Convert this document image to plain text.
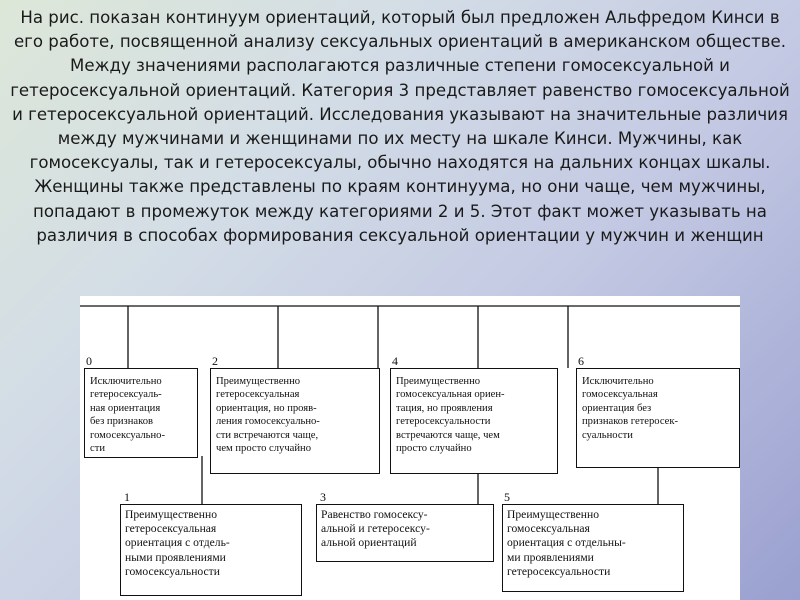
На рис. показан континуум ориентаций, который был предложен Альфредом Кинси в его работе, посвященной анализу сексуальных ориентаций в американском обществе. Между значениями располагаются различные степени гомосексуальной и гетеросексуальной ориентаций. Категория 3 представляет равенство гомосексуальной и гетеросексуальной ориентаций. Исследования указывают на значительные различия между мужчинами и женщинами по их месту на шкале Кинси. Мужчины, как гомосексуалы, так и гетеросексуалы, обычно находятся на дальних концах шкалы. Женщины также представлены по краям континуума, но они чаще, чем мужчины, попадают в промежуток между категориями 2 и 5. Этот факт может указывать на различия в способах формирования сексуальной ориентации у мужчин и женщин

0	2	4	6
1	3	5
Исключительно
гетеросексуаль-
ная ориентация
без признаков
гомосексуально-
сти
Преимущественно
гетеросексуальная
ориентация, но прояв-
ления гомосексуально-
сти встречаются чаще,
чем просто случайно
Преимущественно
гомосексуальная ориен-
тация, но проявления
гетеросексуальности
встречаются чаще, чем
просто случайно
Исключительно
гомосексуальная
ориентация без
признаков гетеросек-
суальности
Преимущественно
гетеросексуальная
ориентация с отдель-
ными проявлениями
гомосексуальности
Равенство гомосексу-
альной и гетеросексу-
альной ориентаций
Преимущественно
гомосексуальная
ориентация с отдельны-
ми проявлениями
гетеросексуальности
